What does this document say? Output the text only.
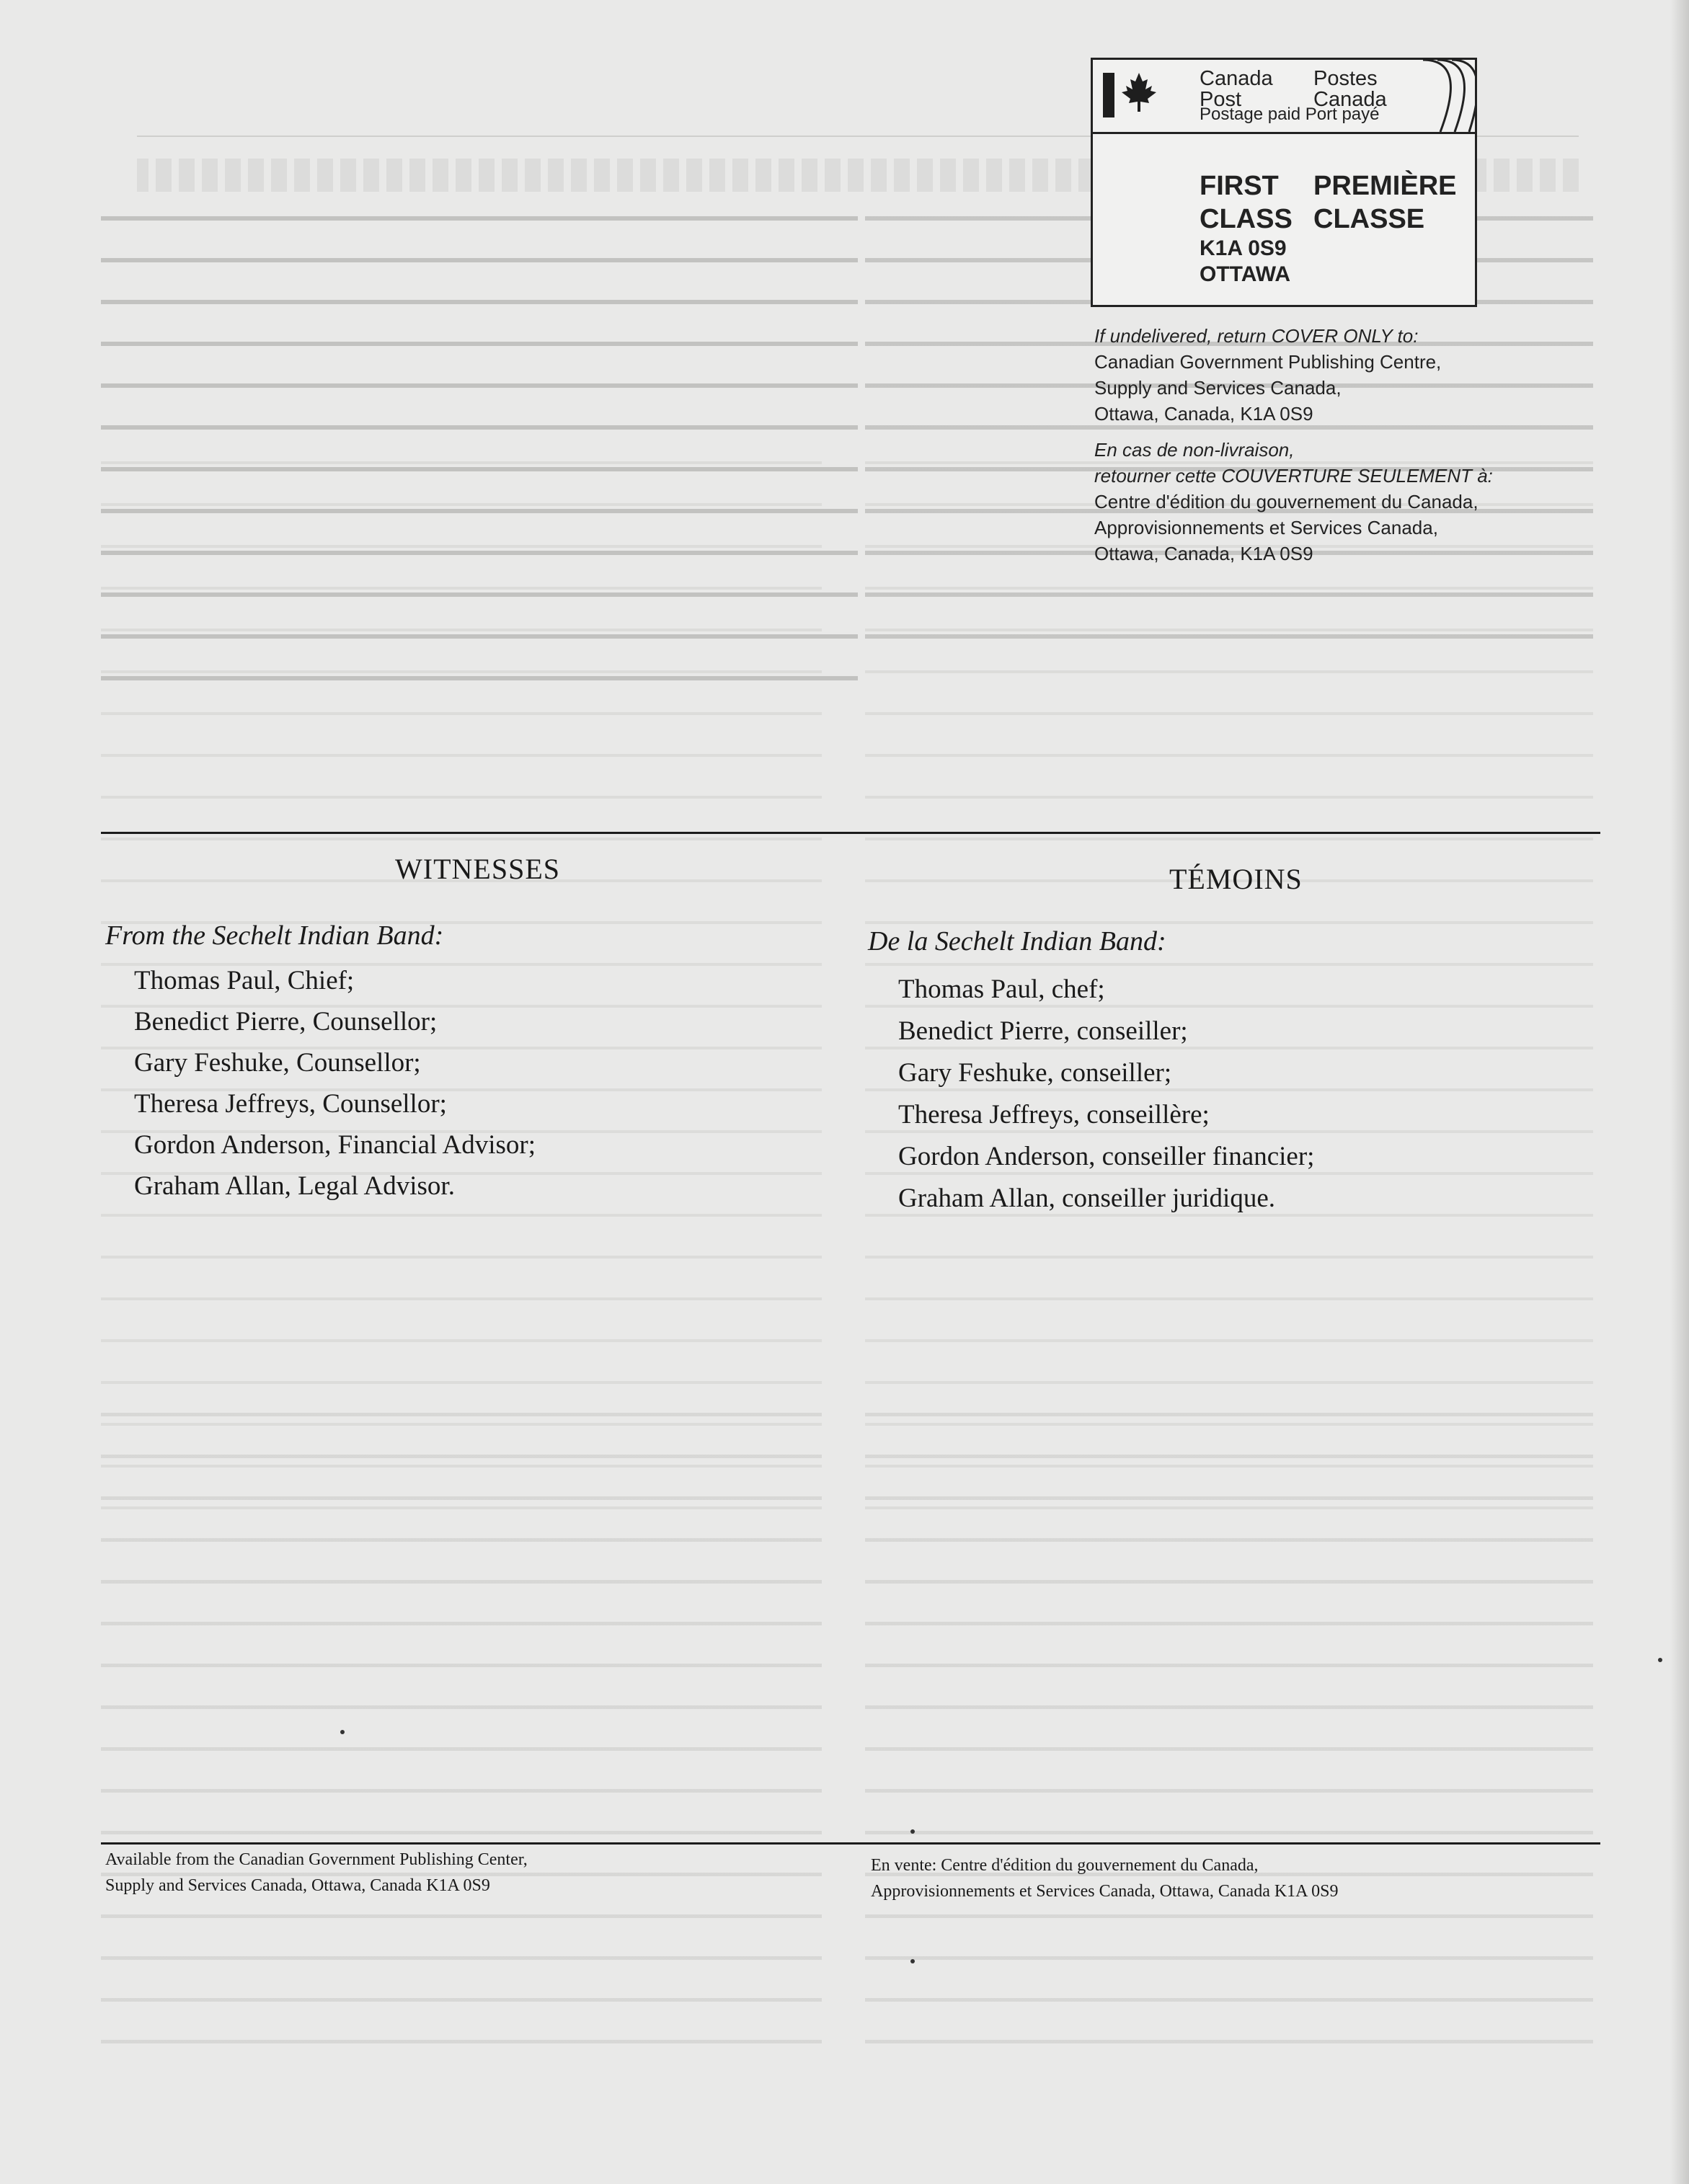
Canada
Post
Postes
Canada
Postage paid Port payé
FIRST PREMIÈRE
CLASS CLASSE
K1A 0S9
OTTAWA

If undelivered, return COVER ONLY to:

Canadian Government Publishing Centre,

Supply and Services Canada,

Ottawa, Canada, K1A 0S9

En cas de non-livraison,

retourner cette COUVERTURE SEULEMENT à:

Centre d'édition du gouvernement du Canada,

Approvisionnements et Services Canada,

Ottawa, Canada, K1A 0S9

WITNESSES	TÉMOINS
From the Sechelt Indian Band:	De la Sechelt Indian Band:
Thomas Paul, Chief;
Benedict Pierre, Counsellor;
Gary Feshuke, Counsellor;
Theresa Jeffreys, Counsellor;
Gordon Anderson, Financial Advisor;
Graham Allan, Legal Advisor.
Thomas Paul, chef;
Benedict Pierre, conseiller;
Gary Feshuke, conseiller;
Theresa Jeffreys, conseillère;
Gordon Anderson, conseiller financier;
Graham Allan, conseiller juridique.
Available from the Canadian Government Publishing Center,
Supply and Services Canada, Ottawa, Canada K1A 0S9
En vente: Centre d'édition du gouvernement du Canada,
Approvisionnements et Services Canada, Ottawa, Canada K1A 0S9
